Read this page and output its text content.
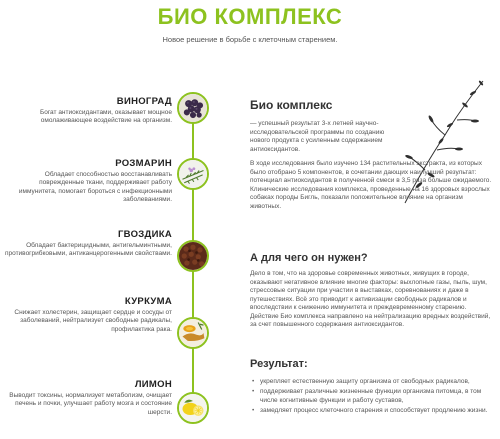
БИО КОМПЛЕКС
Новое решение в борьбе с клеточным старением.
ВИНОГРАД
Богат антиоксидантами, оказывает мощное омолаживающее воздействие на организм.
РОЗМАРИН
Обладает способностью восстанавливать поврежденные ткани, поддерживает работу иммунитета, помогает бороться с инфекционными заболеваниями.
ГВОЗДИКА
Обладает бактерицидными, антигельминтными, противогрибковыми, антиканцерогенными свойствами.
КУРКУМА
Снижает холестерин, защищает сердце и сосуды от заболеваний, нейтрализует свободные радикалы, профилактика рака.
ЛИМОН
Выводит токсины, нормализует метаболизм, очищает печень и почки, улучшает работу мозга и состояние шерсти.
Био комплекс
— успешный результат 3-х летней научно-исследовательской программы по созданию нового продукта с усиленным содержанием антиоксидантов.
В ходе исследования было изучено 134 растительных экстракта, из которых было отобрано 5 компонентов, в сочетании дающих наилучший результат: потенциал антиоксидантов в полученной смеси в 3,5 раза больше ожидаемого. Клинические исследования комплекса, проведенные на 16 здоровых взрослых собаках породы Бигль, показали положительное влияние на организм животных.
А для чего он нужен?
Дело в том, что на здоровье современных животных, живущих в городе, оказывают негативное влияние многие факторы: выхлопные газы, пыль, шум, стрессовые ситуации при участии в выставках, соревнованиях и даже в путешествиях. Всё это приводит к активизации свободных радикалов и впоследствии к снижению иммунитета и преждевременному старению. Действие Био комплекса направлено на нейтрализацию вредных воздействий, за счет повышенного содержания антиоксидантов.
Результат:
• укрепляет естественную защиту организма от свободных радикалов,
• поддерживает различные жизненные функции организма питомца, в том числе когнитивные функции и работу суставов,
• замедляет процесс клеточного старения и способствует продлению жизни.
